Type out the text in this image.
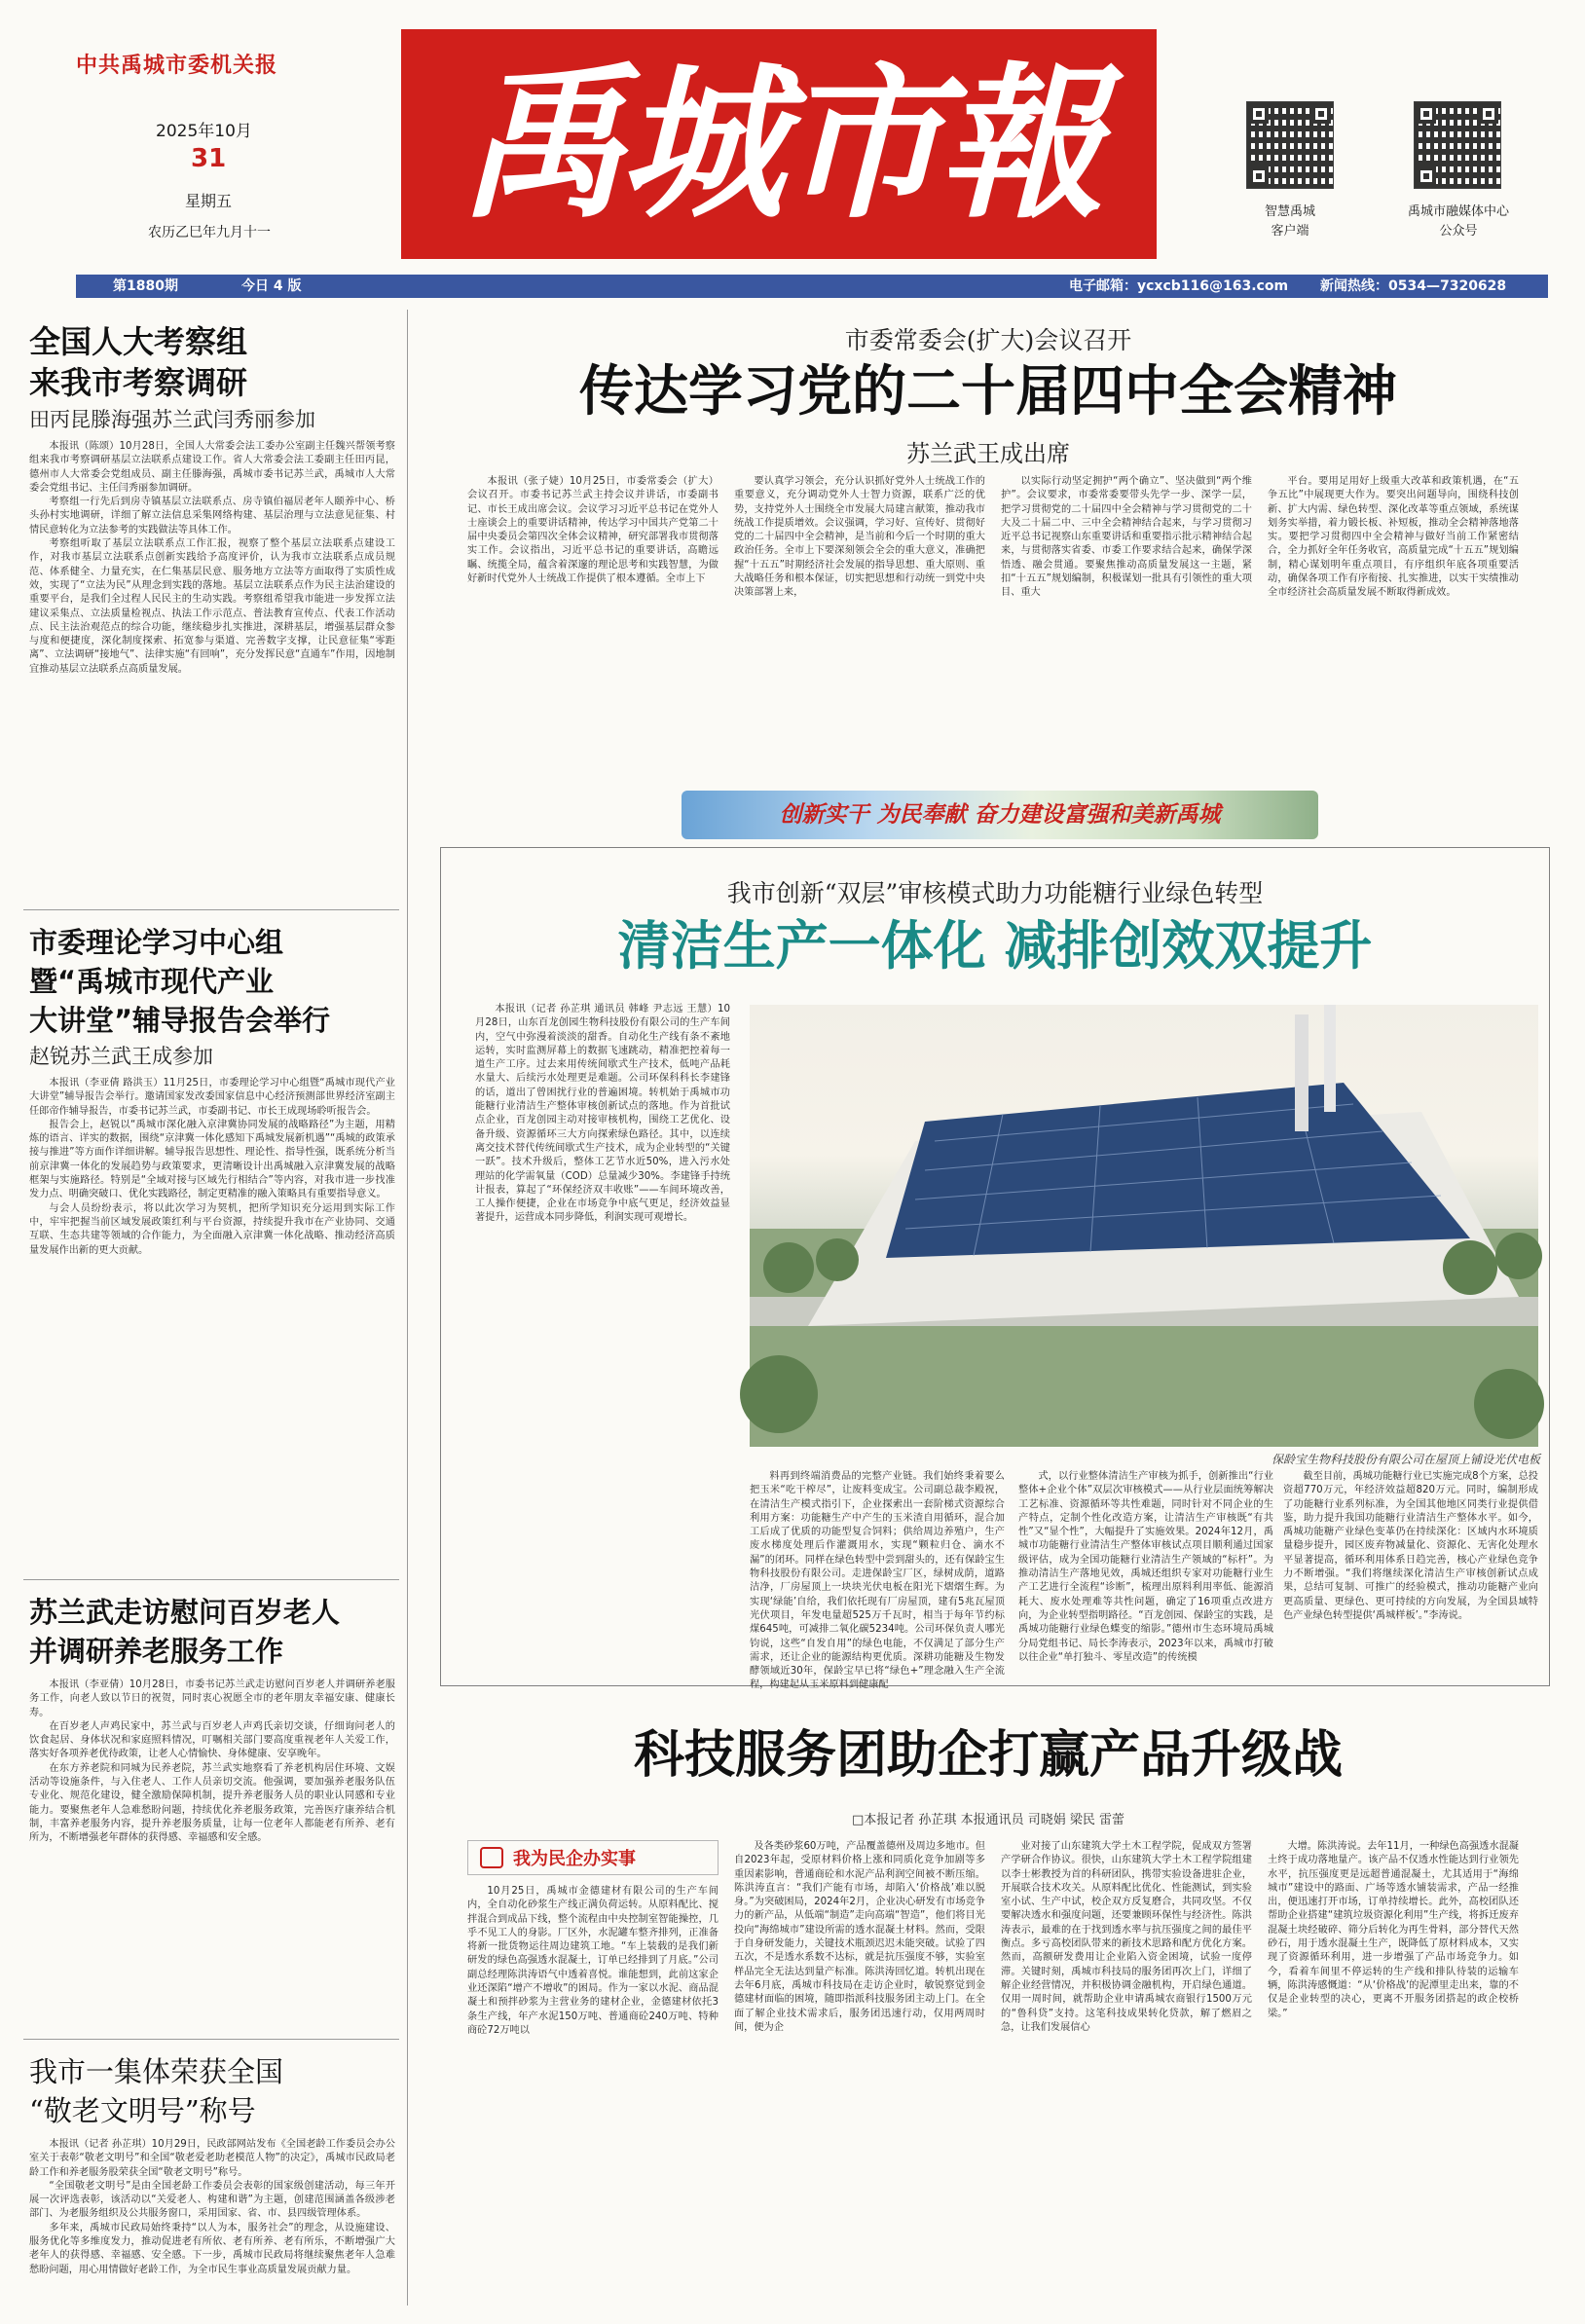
中共禹城市委机关报
2025年10月
31
星期五
农历乙巳年九月十一	禹城市報	智慧禹城
客户端
禹城市融媒体中心
公众号
第1880期	今日 4 版	电子邮箱：ycxcb116@163.com 新闻热线：0534—7320628
全国人大考察组
来我市考察调研
田丙昆滕海强苏兰武闫秀丽参加

本报讯（陈颂）10月28日，全国人大常委会法工委办公室副主任魏兴帮领考察组来我市考察调研基层立法联系点建设工作。省人大常委会法工委副主任田丙昆，德州市人大常委会党组成员、副主任滕海强，禹城市委书记苏兰武，禹城市人大常委会党组书记、主任闫秀丽参加调研。

考察组一行先后到房寺镇基层立法联系点、房寺镇伯福居老年人颐养中心、桥头孙村实地调研，详细了解立法信息采集网络构建、基层治理与立法意见征集、村情民意转化为立法参考的实践做法等具体工作。

考察组听取了基层立法联系点工作汇报，视察了整个基层立法联系点建设工作，对我市基层立法联系点创新实践给予高度评价，认为我市立法联系点成员规范、体系健全、力量充实，在仁集基层民意、服务地方立法等方面取得了实质性成效，实现了“立法为民”从理念到实践的落地。基层立法联系点作为民主法治建设的重要平台，是我们全过程人民民主的生动实践。考察组希望我市能进一步发挥立法建议采集点、立法质量检视点、执法工作示范点、普法教育宣传点、代表工作活动点、民主法治观范点的综合功能，继续稳步扎实推进，深耕基层，增强基层群众参与度和便捷度，深化制度探索、拓宽参与渠道、完善数字支撑，让民意征集“零距离”、立法调研“接地气”、法律实施“有回响”，充分发挥民意“直通车”作用，因地制宜推动基层立法联系点高质量发展。

市委理论学习中心组
暨“禹城市现代产业
大讲堂”辅导报告会举行
赵锐苏兰武王成参加

本报讯（李亚倩 路洪玉）11月25日，市委理论学习中心组暨“禹城市现代产业大讲堂”辅导报告会举行。邀请国家发改委国家信息中心经济预测部世界经济室副主任郎帝作辅导报告，市委书记苏兰武，市委副书记、市长王成现场聆听报告会。

报告会上，赵锐以“禹城市深化融入京津冀协同发展的战略路径”为主题，用精炼的语言、详实的数据，围绕“京津冀一体化感知下禹城发展新机遇”“禹城的政策承接与推进”等方面作详细讲解。辅导报告思想性、理论性、指导性强，既系统分析当前京津冀一体化的发展趋势与政策要求，更清晰设计出禹城融入京津冀发展的战略框架与实施路径。特别是“全域对接与区域先行相结合”等内容，对我市进一步找准发力点、明确突破口、优化实践路径，制定更精准的融入策略具有重要指导意义。

与会人员纷纷表示，将以此次学习为契机，把所学知识充分运用到实际工作中，牢牢把握当前区域发展政策红利与平台资源，持续提升我市在产业协同、交通互联、生态共建等领域的合作能力，为全面融入京津冀一体化战略、推动经济高质量发展作出新的更大贡献。

苏兰武走访慰问百岁老人
并调研养老服务工作

本报讯（李亚倩）10月28日，市委书记苏兰武走访慰问百岁老人并调研养老服务工作，向老人致以节日的祝贺，同时衷心祝愿全市的老年朋友幸福安康、健康长寿。

在百岁老人声鸡民家中，苏兰武与百岁老人声鸡氏亲切交谈，仔细询问老人的饮食起居、身体状况和家庭照料情况，叮嘱相关部门要高度重视老年人关爱工作，落实好各项养老优待政策，让老人心情愉快、身体健康、安享晚年。

在东方养老院和同城为民养老院，苏兰武实地察看了养老机构居住环境、文娱活动等设施条件，与入住老人、工作人员亲切交流。他强调，要加强养老服务队伍专业化、规范化建设，健全激励保障机制，提升养老服务人员的职业认同感和专业能力。要聚焦老年人急难愁盼问题，持续优化养老服务政策，完善医疗康养结合机制，丰富养老服务内容，提升养老服务质量，让每一位老年人都能老有所养、老有所为，不断增强老年群体的获得感、幸福感和安全感。

我市一集体荣获全国
“敬老文明号”称号

本报讯（记者 孙芷琪）10月29日，民政部网站发布《全国老龄工作委员会办公室关于表彰“敬老文明号”和全国“敬老爱老助老模范人物”的决定》，禹城市民政局老龄工作和养老服务股荣获全国“敬老文明号”称号。

“全国敬老文明号”是由全国老龄工作委员会表彰的国家级创建活动，每三年开展一次评选表彰，该活动以“关爱老人、构建和谐”为主题，创建范围涵盖各级涉老部门、为老服务组织及公共服务窗口，采用国家、省、市、县四级管理体系。

多年来，禹城市民政局始终秉持“以人为本，服务社会”的理念，从设施建设、服务优化等多维度发力，推动促进老有所依、老有所养、老有所乐，不断增强广大老年人的获得感、幸福感、安全感。下一步，禹城市民政局将继续聚焦老年人急难愁盼问题，用心用情做好老龄工作，为全市民生事业高质量发展贡献力量。

市委常委会(扩大)会议召开
传达学习党的二十届四中全会精神
苏兰武王成出席
本报讯（张子婕）10月25日，市委常委会（扩大）会议召开。市委书记苏兰武主持会议并讲话，市委副书记、市长王成出席会议。会议学习习近平总书记在党外人士座谈会上的重要讲话精神，传达学习中国共产党第二十届中央委员会第四次全体会议精神，研究部署我市贯彻落实工作。会议指出，习近平总书记的重要讲话，高瞻远瞩、统揽全局，蕴含着深邃的理论思考和实践智慧，为做好新时代党外人士统战工作提供了根本遵循。全市上下
要认真学习领会，充分认识抓好党外人士统战工作的重要意义，充分调动党外人士智力资源，联系广泛的优势，支持党外人士围绕全市发展大局建言献策，推动我市统战工作提质增效。会议强调，学习好、宣传好、贯彻好党的二十届四中全会精神，是当前和今后一个时期的重大政治任务。全市上下要深刻领会全会的重大意义，准确把握“十五五”时期经济社会发展的指导思想、重大原则、重大战略任务和根本保证，切实把思想和行动统一到党中央决策部署上来，
以实际行动坚定拥护“两个确立”、坚决做到“两个维护”。会议要求，市委常委要带头先学一步、深学一层，把学习贯彻党的二十届四中全会精神与学习贯彻党的二十大及二十届二中、三中全会精神结合起来，与学习贯彻习近平总书记视察山东重要讲话和重要指示批示精神结合起来，与贯彻落实省委、市委工作要求结合起来，确保学深悟透、融会贯通。要聚焦推动高质量发展这一主题，紧扣“十五五”规划编制，积极谋划一批具有引领性的重大项目、重大
平台。要用足用好上级重大改革和政策机遇，在“五争五比”中展现更大作为。要突出问题导向，围绕科技创新、扩大内需、绿色转型、深化改革等重点领域，系统谋划务实举措，着力锻长板、补短板，推动全会精神落地落实。要把学习贯彻四中全会精神与做好当前工作紧密结合，全力抓好全年任务收官，高质量完成“十五五”规划编制，精心谋划明年重点项目，有序组织年底各项重要活动，确保各项工作有序衔接、扎实推进，以实干实绩推动全市经济社会高质量发展不断取得新成效。
创新实干 为民奉献 奋力建设富强和美新禹城
我市创新“双层”审核模式助力功能糖行业绿色转型
清洁生产一体化 减排创效双提升
本报讯（记者 孙芷琪 通讯员 韩峰 尹志远 王慧）10月28日，山东百龙创园生物科技股份有限公司的生产车间内，空气中弥漫着淡淡的甜香。自动化生产线有条不紊地运转，实时监测屏幕上的数据飞速跳动，精准把控着每一道生产工序。过去来用传统间歇式生产技术，低吨产品耗水量大、后续污水处理更是难题。公司环保科科长李建锋的话，道出了曾困扰行业的普遍困境。转机始于禹城市功能糖行业清洁生产整体审核创新试点的落地。作为首批试点企业，百龙创园主动对接审核机构，围绕工艺优化、设备升级、资源循环三大方向探索绿色路径。其中，以连续离交技术替代传统间歇式生产技术，成为企业转型的“关键一跃”。技术升级后，整体工艺节水近50%，进入污水处理站的化学需氧量（COD）总量减少30%。李建锋手持统计报表，算起了“环保经济双丰收账”——车间环境改善，工人操作便捷，企业在市场竞争中底气更足，经济效益显著提升，运营成本同步降低，利润实现可观增长。
保龄宝生物科技股份有限公司在屋顶上铺设光伏电板
料再到终端消费品的完整产业链。我们始终秉着要么把玉米“吃干榨尽”，让废料变成宝。公司副总裁李殿祝，在清洁生产模式指引下，企业探索出一套阶梯式资源综合利用方案：功能糖生产中产生的玉米渣自用循环，混合加工后成了优质的功能型复合饲料；供给周边养殖户，生产废水梯度处理后作灌溉用水，实现“颗粒归仓、滴水不漏”的闭环。同样在绿色转型中尝到甜头的，还有保龄宝生物科技股份有限公司。走进保龄宝厂区，绿树成荫，道路洁净，厂房屋顶上一块块光伏电板在阳光下熠熠生辉。为实现‘绿能’自给，我们依托现有厂房屋顶，建有5兆瓦屋顶光伏项目，年发电量超525万千瓦时，相当于每年节约标煤645吨，可减排二氧化碳5234吨。公司环保负责人哪光钧说，这些“自发自用”的绿色电能，不仅满足了部分生产需求，还让企业的能源结构更优质。深耕功能糖及生物发酵领域近30年，保龄宝早已将“绿色+”理念融入生产全流程，构建起从玉米原料到健康配
式，以行业整体清洁生产审核为抓手，创新推出“行业整体+企业个体”双层次审核模式——从行业层面统筹解决工艺标准、资源循环等共性难题，同时针对不同企业的生产特点，定制个性化改造方案，让清洁生产审核既“有共性”又“显个性”，大幅提升了实施效果。2024年12月，禹城市功能糖行业清洁生产整体审核试点项目顺利通过国家级评估，成为全国功能糖行业清洁生产领域的“标杆”。为推动清洁生产落地见效，禹城还组织专家对功能糖行业生产工艺进行全流程“诊断”，梳理出原料利用率低、能源消耗大、废水处理难等共性问题，确定了16项重点改进方向，为企业转型指明路径。“百龙创园、保龄宝的实践，是禹城功能糖行业绿色蝶变的缩影。”德州市生态环境局禹城分局党组书记、局长李涛表示，2023年以来，禹城市打破以往企业“单打独斗、零星改造”的传统模
截至目前，禹城功能糖行业已实施完成8个方案，总投资超770万元，年经济效益超820万元。同时，编制形成了功能糖行业系列标准，为全国其他地区同类行业提供借鉴，助力提升我国功能糖行业清洁生产整体水平。如今，禹城功能糖产业绿色变革仍在持续深化：区域内水环境质量稳步提升，园区废弃物减量化、资源化、无害化处理水平显著提高，循环利用体系日趋完善，核心产业绿色竞争力不断增强。“我们将继续深化清洁生产审核创新试点成果，总结可复制、可推广的经验模式，推动功能糖产业向更高质量、更绿色、更可持续的方向发展，为全国县域特色产业绿色转型提供‘禹城样板’。”李涛说。
科技服务团助企打赢产品升级战
□本报记者 孙芷琪 本报通讯员 司晓娟 梁民 雷蕾
我为民企办实事
10月25日，禹城市金德建材有限公司的生产车间内，全自动化砂浆生产线正满负荷运转。从原料配比、搅拌混合到成品下线，整个流程由中央控制室智能操控，几乎不见工人的身影。厂区外，水泥罐车整齐排列，正准备将新一批货物运往周边建筑工地。“车上装载的是我们新研发的绿色高强透水混凝土，订单已经排到了月底。”公司副总经理陈洪涛语气中透着喜悦。谁能想到，此前这家企业还深陷“增产不增收”的困局。作为一家以水泥、商品混凝土和预拌砂浆为主营业务的建材企业，金德建材依托3条生产线，年产水泥150万吨、普通商砼240万吨、特种商砼72万吨以
及各类砂浆60万吨，产品覆盖德州及周边多地市。但自2023年起，受原材料价格上涨和同质化竞争加剧等多重因素影响，普通商砼和水泥产品利润空间被不断压缩。陈洪涛直言：“我们产能有市场，却陷入‘价格战’难以脱身。”为突破困局，2024年2月，企业决心研发有市场竞争力的新产品，从低端“制造”走向高端“智造”，他们将目光投向“海绵城市”建设所需的透水混凝土材料。然而，受限于自身研发能力，关键技术瓶颈迟迟未能突破。试验了四五次，不是透水系数不达标，就是抗压强度不够，实验室样品完全无法达到量产标准。陈洪涛回忆道。转机出现在去年6月底，禹城市科技局在走访企业时，敏锐察觉到金德建材面临的困境，随即指派科技服务团主动上门。在全面了解企业技术需求后，服务团迅速行动，仅用两周时间，便为企
业对接了山东建筑大学土木工程学院，促成双方签署产学研合作协议。很快，山东建筑大学土木工程学院组建以李士彬教授为首的科研团队，携带实验设备进驻企业，开展联合技术攻关。从原料配比优化、性能测试，到实验室小试、生产中试，校企双方反复磨合，共同攻坚。不仅要解决透水和强度问题，还要兼顾环保性与经济性。陈洪涛表示，最难的在于找到透水率与抗压强度之间的最佳平衡点。多亏高校团队带来的新技术思路和配方优化方案。然而，高额研发费用让企业陷入资金困境，试验一度停滞。关键时刻，禹城市科技局的服务团再次上门，详细了解企业经营情况，并积极协调金融机构，开启绿色通道。仅用一周时间，就帮助企业申请禹城农商银行1500万元的“鲁科贷”支持。这笔科技成果转化贷款，解了燃眉之急，让我们发展信心
大增。陈洪涛说。去年11月，一种绿色高强透水混凝土终于成功落地量产。该产品不仅透水性能达到行业领先水平，抗压强度更是远超普通混凝土，尤其适用于“海绵城市”建设中的路面、广场等透水铺装需求，产品一经推出，便迅速打开市场，订单持续增长。此外，高校团队还帮助企业搭建“建筑垃圾资源化利用”生产线，将拆迁废弃混凝土块经破碎、筛分后转化为再生骨料，部分替代天然砂石，用于透水混凝土生产，既降低了原材料成本，又实现了资源循环利用，进一步增强了产品市场竞争力。如今，看着车间里不停运转的生产线和排队待装的运输车辆，陈洪涛感慨道：“从‘价格战’的泥潭里走出来，靠的不仅是企业转型的决心，更离不开服务团搭起的政企校桥梁。”
